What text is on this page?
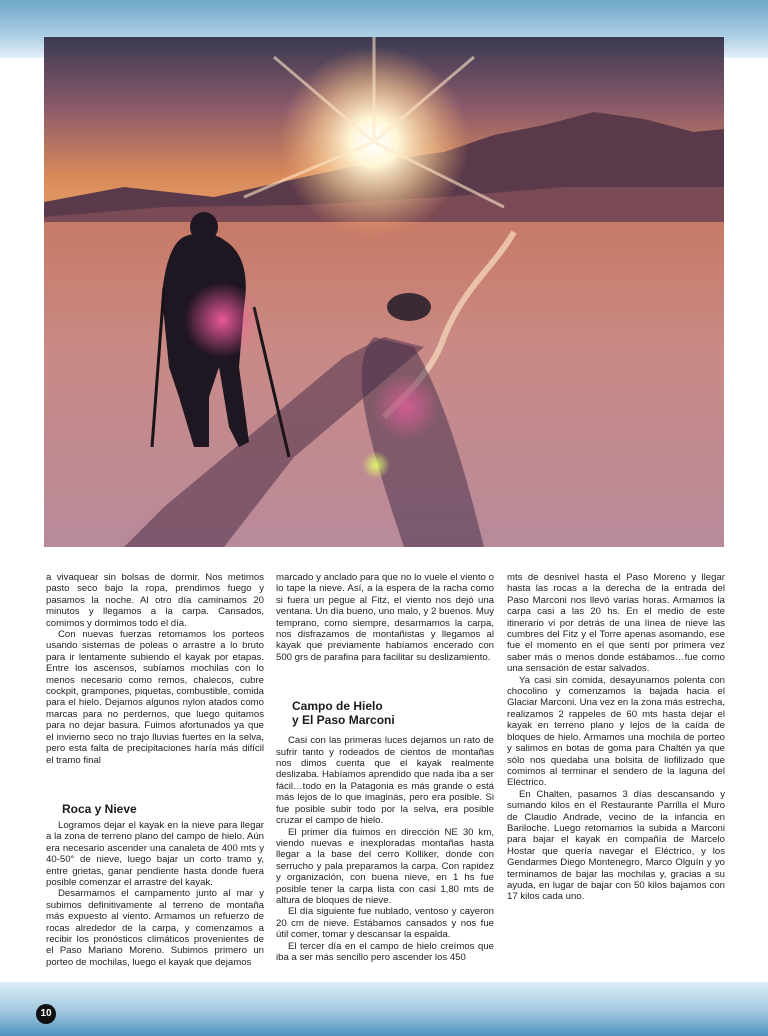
a vivaquear sin bolsas de dormir. Nos metimos pasto seco bajo la ropa, prendimos fuego y pasamos la noche. Al otro día caminamos 20 minutos y llegamos a la carpa. Cansados, comimos y dormimos todo el día.

Con nuevas fuerzas retomamos los porteos usando sistemas de poleas o arrastre a lo bruto para ir lentamente subiendo el kayak por etapas. Entre los ascensos, subíamos mochilas con lo menos necesario como remos, chalecos, cubre cockpit, grampones, piquetas, combustible, comida para el hielo. Dejamos algunos nylon atados como marcas para no perdernos, que luego quitamos para no dejar basura. Fuimos afortunados ya que el invierno seco no trajo lluvias fuertes en la selva, pero esta falta de precipitaciones haría más difícil el tramo final

Roca y Nieve

Logramos dejar el kayak en la nieve para llegar a la zona de terreno plano del campo de hielo. Aún era necesario ascender una canaleta de 400 mts y 40-50° de nieve, luego bajar un corto tramo y, entre grietas, ganar pendiente hasta donde fuera posible comenzar el arrastre del kayak.

Desarmamos el campamento junto al mar y subimos definitivamente al terreno de montaña más expuesto al viento. Armamos un refuerzo de rocas alrededor de la carpa, y comenzamos a recibir los pronósticos climáticos provenientes de el Paso Mariano Moreno. Subimos primero un porteo de mochilas, luego el kayak que dejamos

marcado y anclado para que no lo vuele el viento o lo tape la nieve. Así, a la espera de la racha como si fuera un pegue al Fitz, el viento nos dejó una ventana. Un día bueno, uno malo, y 2 buenos. Muy temprano, como siempre, desarmamos la carpa, nos disfrazamos de montañistas y llegamos al kayak que previamente habíamos encerado con 500 grs de parafina para facilitar su deslizamiento.

Campo de Hielo
y El Paso Marconi

Casi con las primeras luces dejamos un rato de sufrir tanto y rodeados de cientos de montañas nos dimos cuenta que el kayak realmente deslizaba. Habíamos aprendido que nada iba a ser fácil…todo en la Patagonia es más grande o está más lejos de lo que imaginás, pero era posible. Si fue posible subir todo por la selva, era posible cruzar el campo de hielo.

El primer día fuimos en dirección NE 30 km, viendo nuevas e inexploradas montañas hasta llegar a la base del cerro Kolliker, donde con serrucho y pala preparamos la carpa. Con rapidez y organización, con buena nieve, en 1 hs fue posible tener la carpa lista con casi 1,80 mts de altura de bloques de nieve.

El día siguiente fue nublado, ventoso y cayeron 20 cm de nieve. Estábamos cansados y nos fue útil comer, tomar y descansar la espalda.

El tercer día en el campo de hielo creímos que iba a ser más sencillo pero ascender los 450

mts de desnivel hasta el Paso Moreno y llegar hasta las rocas a la derecha de la entrada del Paso Marconi nos llevó varias horas. Armamos la carpa casi a las 20 hs. En el medio de este itinerario vi por detrás de una línea de nieve las cumbres del Fitz y el Torre apenas asomando, ese fue el momento en el que sentí por primera vez saber más o menos donde estábamos…fue como una sensación de estar salvados.

Ya casi sin comida, desayunamos polenta con chocolino y comenzamos la bajada hacia el Glaciar Marconi. Una vez en la zona más estrecha, realizamos 2 rappeles de 60 mts hasta dejar el kayak en terreno plano y lejos de la caída de bloques de hielo. Armamos una mochila de porteo y salimos en botas de goma para Chaltén ya que sólo nos quedaba una bolsita de liofilizado que comimos al terminar el sendero de la laguna del Eléctrico.

En Chalten, pasamos 3 días descansando y sumando kilos en el Restaurante Parrilla el Muro de Claudio Andrade, vecino de la infancia en Bariloche. Luego retomamos la subida a Marconi para bajar el kayak en compañía de Marcelo Hostar que quería navegar el Eléctrico, y los Gendarmes Diego Montenegro, Marco Olguín y yo terminamos de bajar las mochilas y, gracias a su ayuda, en lugar de bajar con 50 kilos bajamos con 17 kilos cada uno.

10
